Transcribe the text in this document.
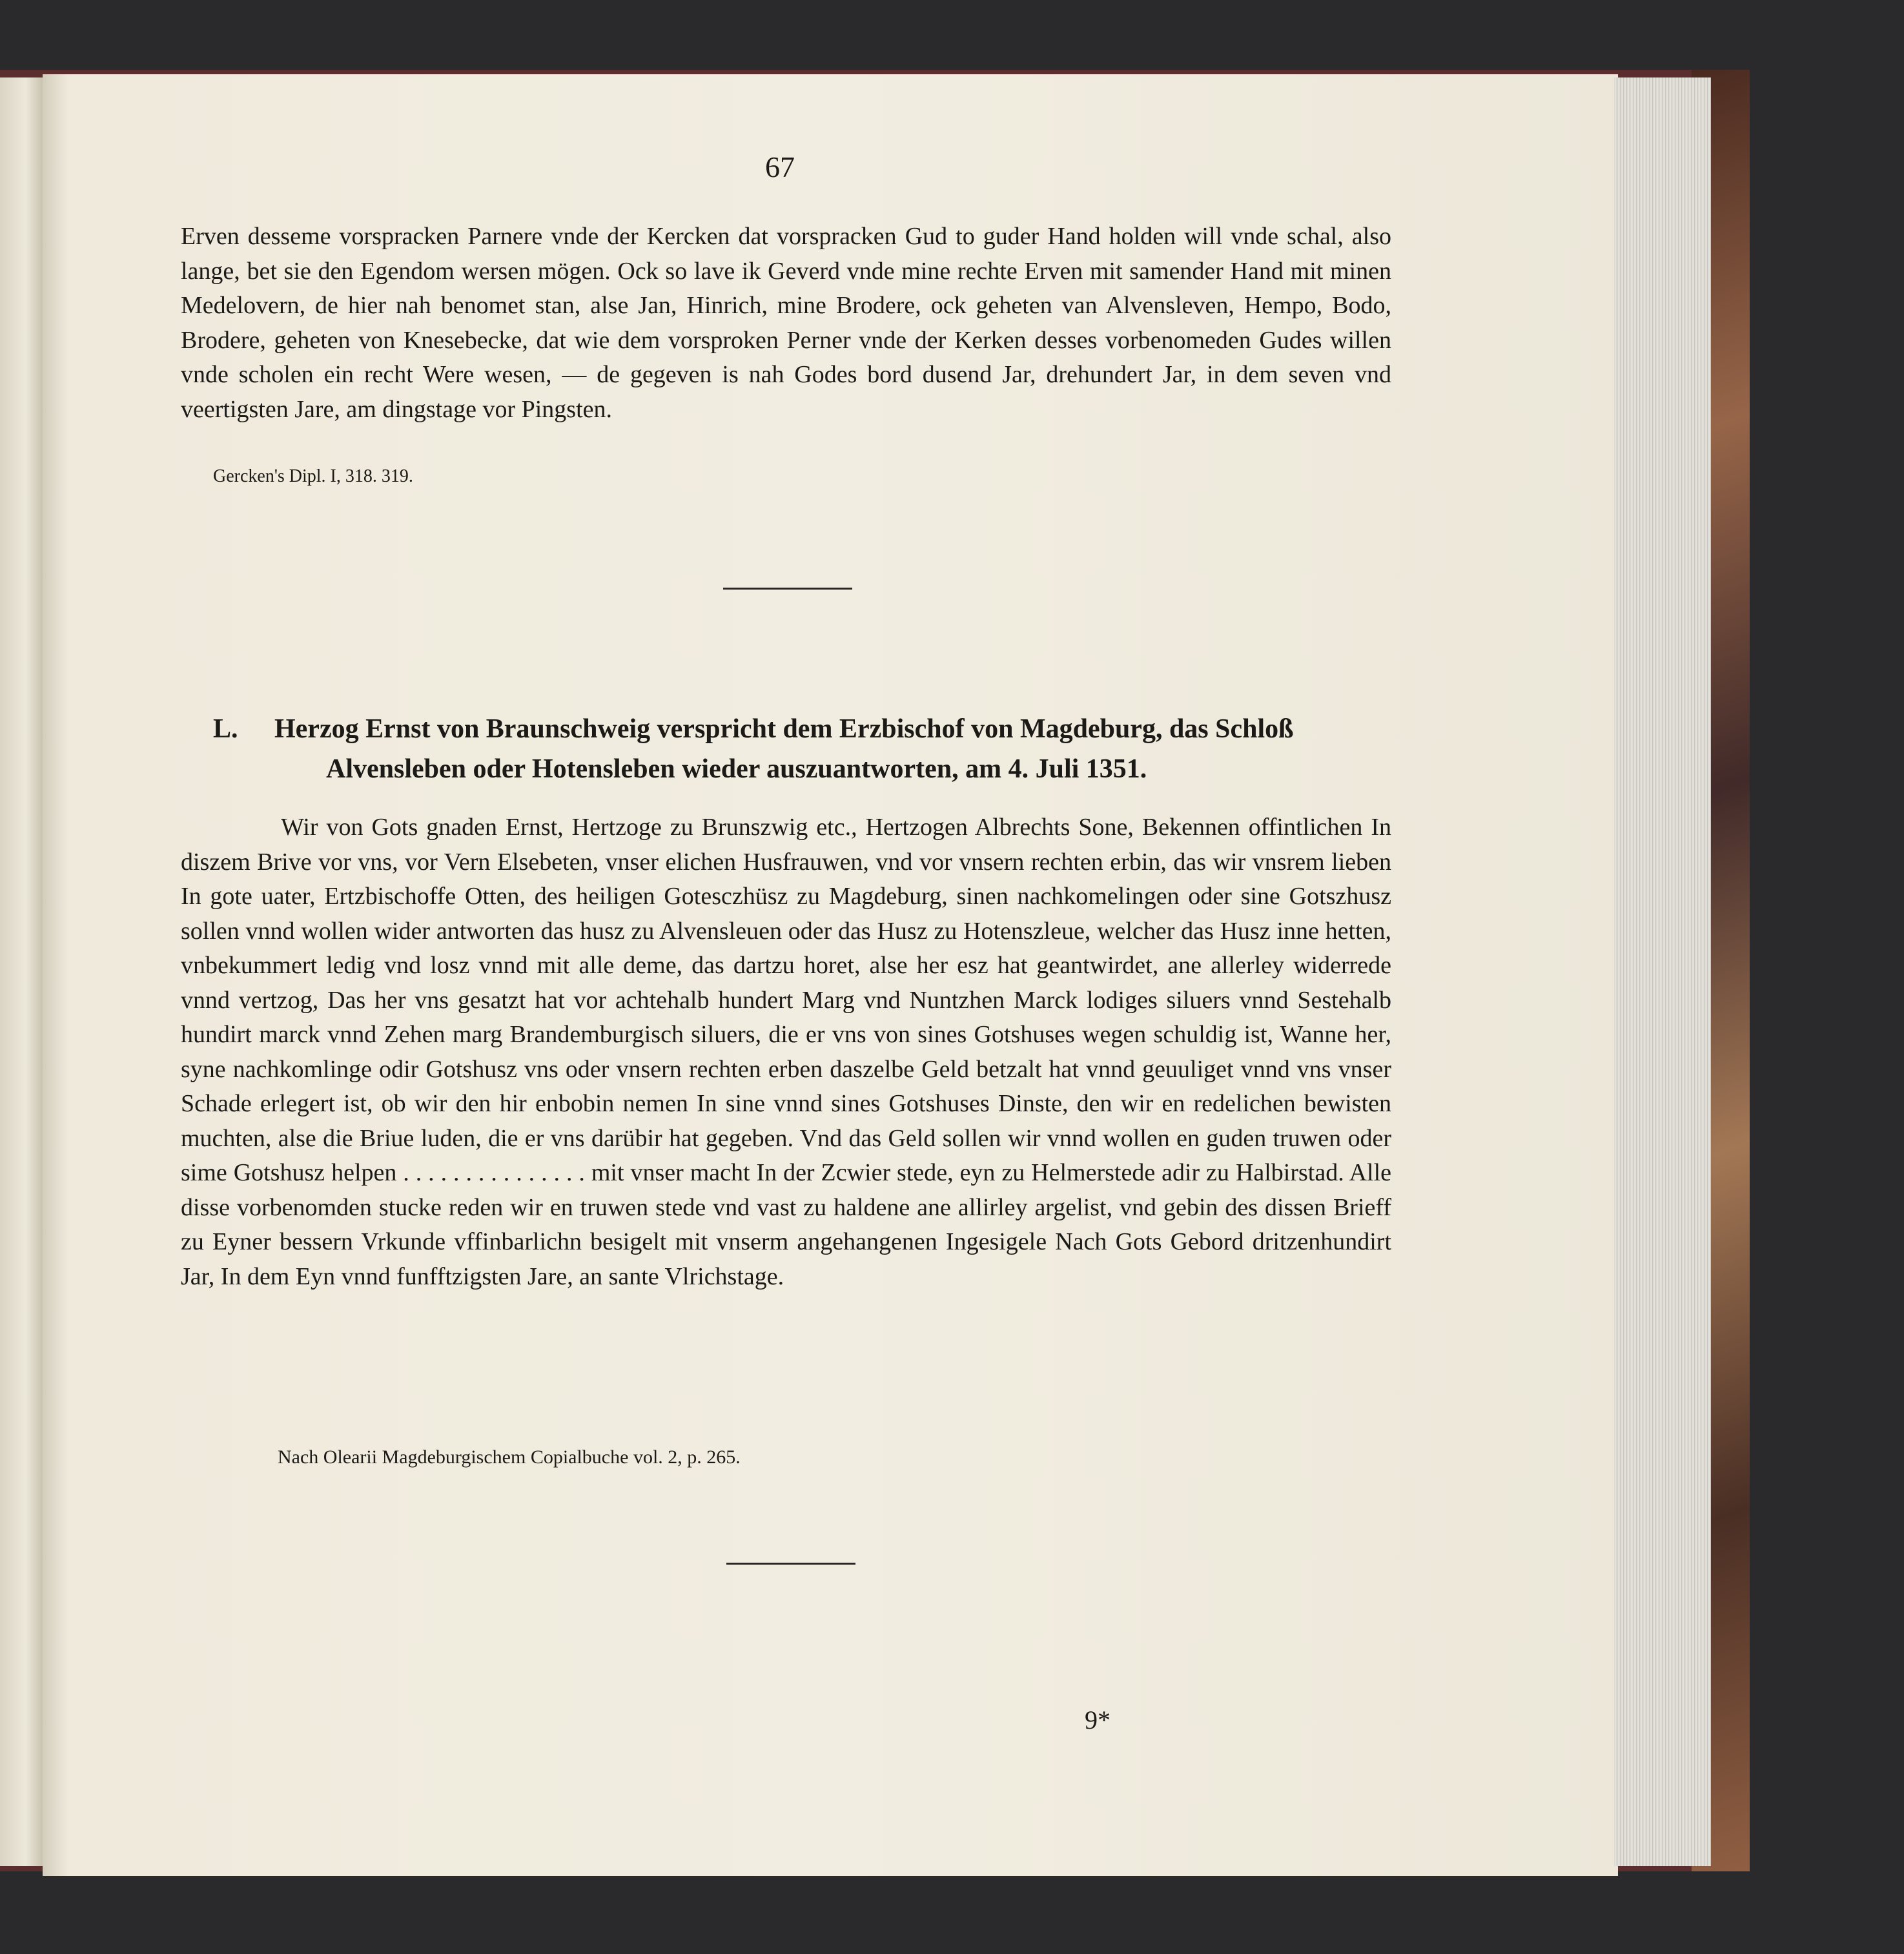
67

Erven desseme vorspracken Parnere vnde der Kercken dat vorspracken Gud to guder Hand holden will vnde schal, also lange, bet sie den Egendom wersen mögen. Ock so lave ik Geverd vnde mine rechte Erven mit samender Hand mit minen Medelovern, de hier nah benomet stan, alse Jan, Hinrich, mine Brodere, ock geheten van Alvensleven, Hempo, Bodo, Brodere, geheten von Knesebecke, dat wie dem vorsproken Perner vnde der Kerken desses vorbenomeden Gudes willen vnde scholen ein recht Were wesen, — de gegeven is nah Godes bord dusend Jar, drehundert Jar, in dem seven vnd veertigsten Jare, am dingstage vor Pingsten.

Gercken's Dipl. I, 318. 319.
L. Herzog Ernst von Braunschweig verspricht dem Erzbischof von Magdeburg, das Schloß
Alvensleben oder Hotensleben wieder auszuantworten, am 4. Juli 1351.

Wir von Gots gnaden Ernst, Hertzoge zu Brunszwig etc., Hertzogen Albrechts Sone, Bekennen offintlichen In diszem Brive vor vns, vor Vern Elsebeten, vnser elichen Husfrauwen, vnd vor vnsern rechten erbin, das wir vnsrem lieben In gote uater, Ertzbischoffe Otten, des heiligen Gotesczhüsz zu Magdeburg, sinen nachkomelingen oder sine Gotszhusz sollen vnnd wollen wider antworten das husz zu Alvensleuen oder das Husz zu Hotenszleue, welcher das Husz inne hetten, vnbekummert ledig vnd losz vnnd mit alle deme, das dartzu horet, alse her esz hat geantwirdet, ane allerley widerrede vnnd vertzog, Das her vns gesatzt hat vor achtehalb hundert Marg vnd Nuntzhen Marck lodiges siluers vnnd Sestehalb hundirt marck vnnd Zehen marg Brandemburgisch siluers, die er vns von sines Gotshuses wegen schuldig ist, Wanne her, syne nachkomlinge odir Gotshusz vns oder vnsern rechten erben daszelbe Geld betzalt hat vnnd geuuliget vnnd vns vnser Schade erlegert ist, ob wir den hir enbobin nemen In sine vnnd sines Gotshuses Dinste, den wir en redelichen bewisten muchten, alse die Briue luden, die er vns darübir hat gegeben. Vnd das Geld sollen wir vnnd wollen en guden truwen oder sime Gotshusz helpen . . . . . . . . . . . . . . . mit vnser macht In der Zcwier stede, eyn zu Helmerstede adir zu Halbirstad. Alle disse vorbenomden stucke reden wir en truwen stede vnd vast zu haldene ane allirley argelist, vnd gebin des dissen Brieff zu Eyner bessern Vrkunde vffinbarlichn besigelt mit vnserm angehangenen Ingesigele Nach Gots Gebord dritzenhundirt Jar, In dem Eyn vnnd funfftzigsten Jare, an sante Vlrichstage.

Nach Olearii Magdeburgischem Copialbuche vol. 2, p. 265.
9*
